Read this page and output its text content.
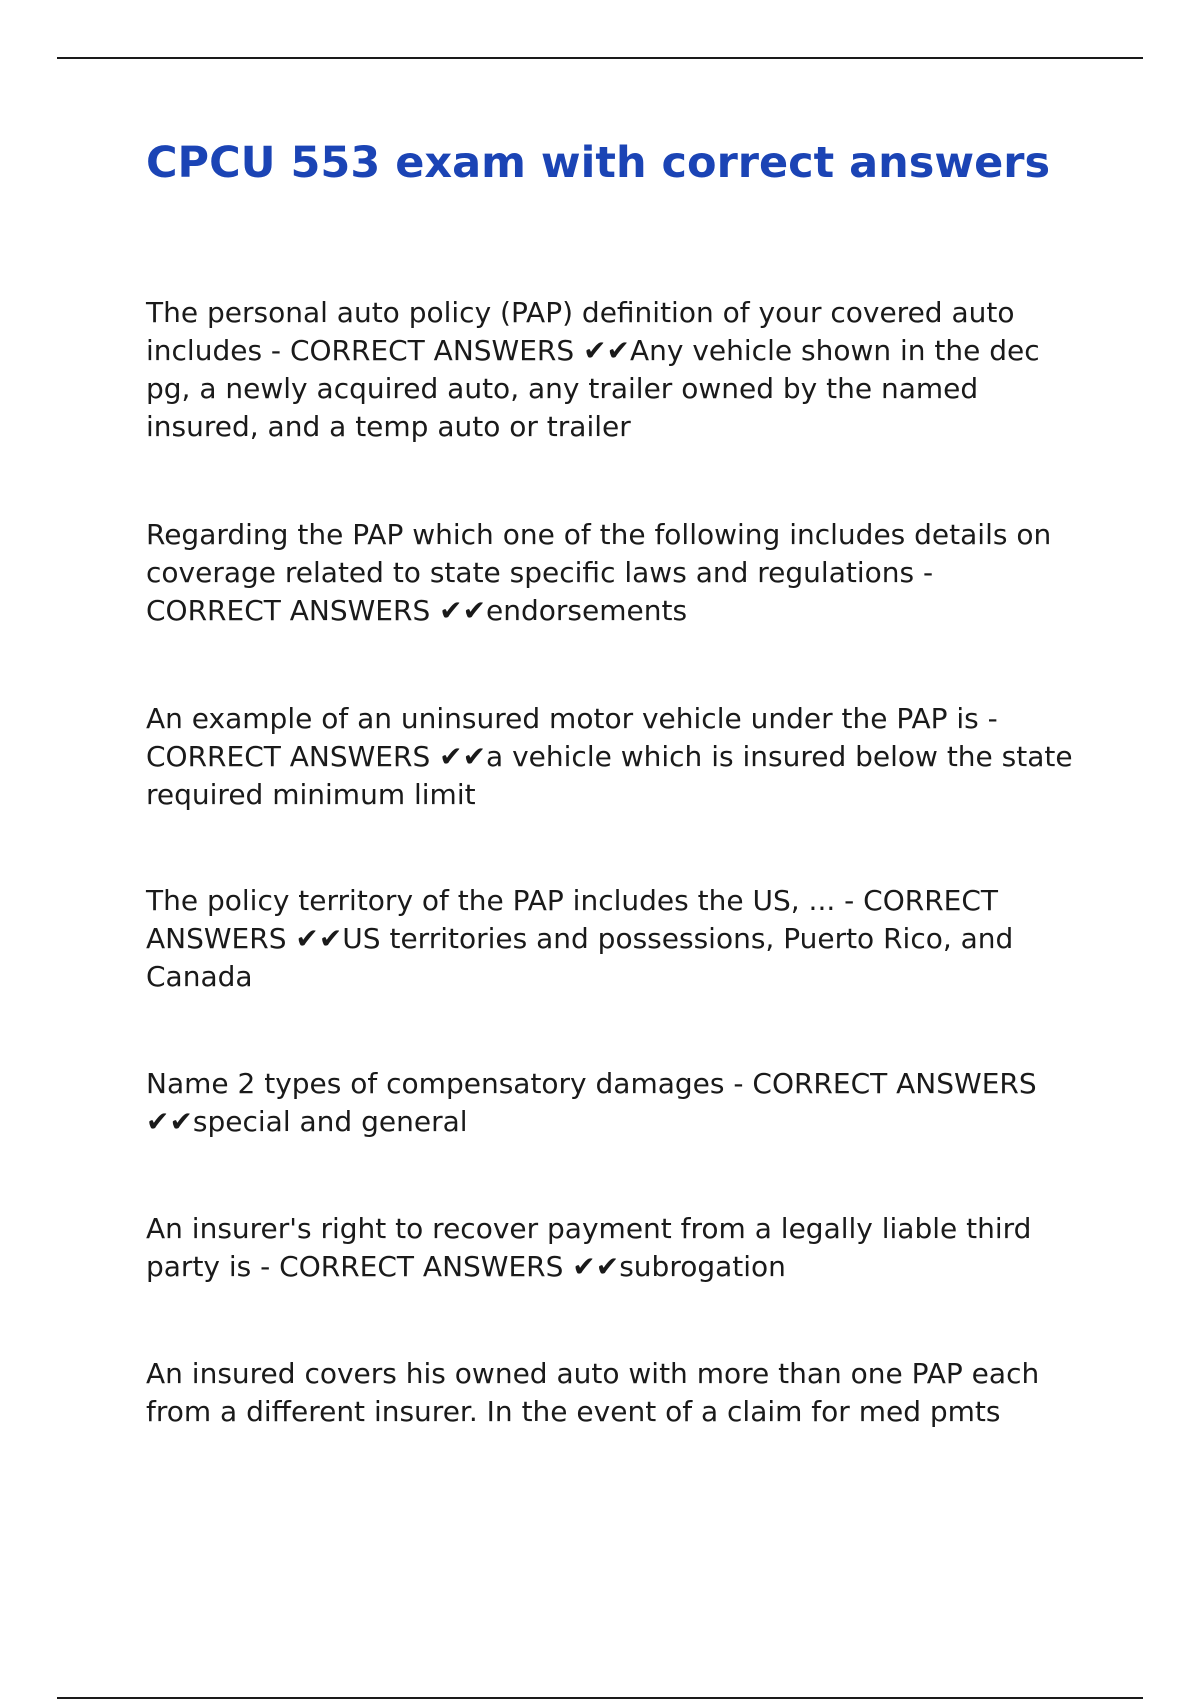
CPCU 553 exam with correct answers

The personal auto policy (PAP) definition of your covered auto
includes - CORRECT ANSWERS ✔✔Any vehicle shown in the dec
pg, a newly acquired auto, any trailer owned by the named
insured, and a temp auto or trailer

Regarding the PAP which one of the following includes details on
coverage related to state specific laws and regulations -
CORRECT ANSWERS ✔✔endorsements

An example of an uninsured motor vehicle under the PAP is -
CORRECT ANSWERS ✔✔a vehicle which is insured below the state
required minimum limit

The policy territory of the PAP includes the US, ... - CORRECT
ANSWERS ✔✔US territories and possessions, Puerto Rico, and
Canada

Name 2 types of compensatory damages - CORRECT ANSWERS
✔✔special and general

An insurer's right to recover payment from a legally liable third
party is - CORRECT ANSWERS ✔✔subrogation

An insured covers his owned auto with more than one PAP each
from a different insurer. In the event of a claim for med pmts
